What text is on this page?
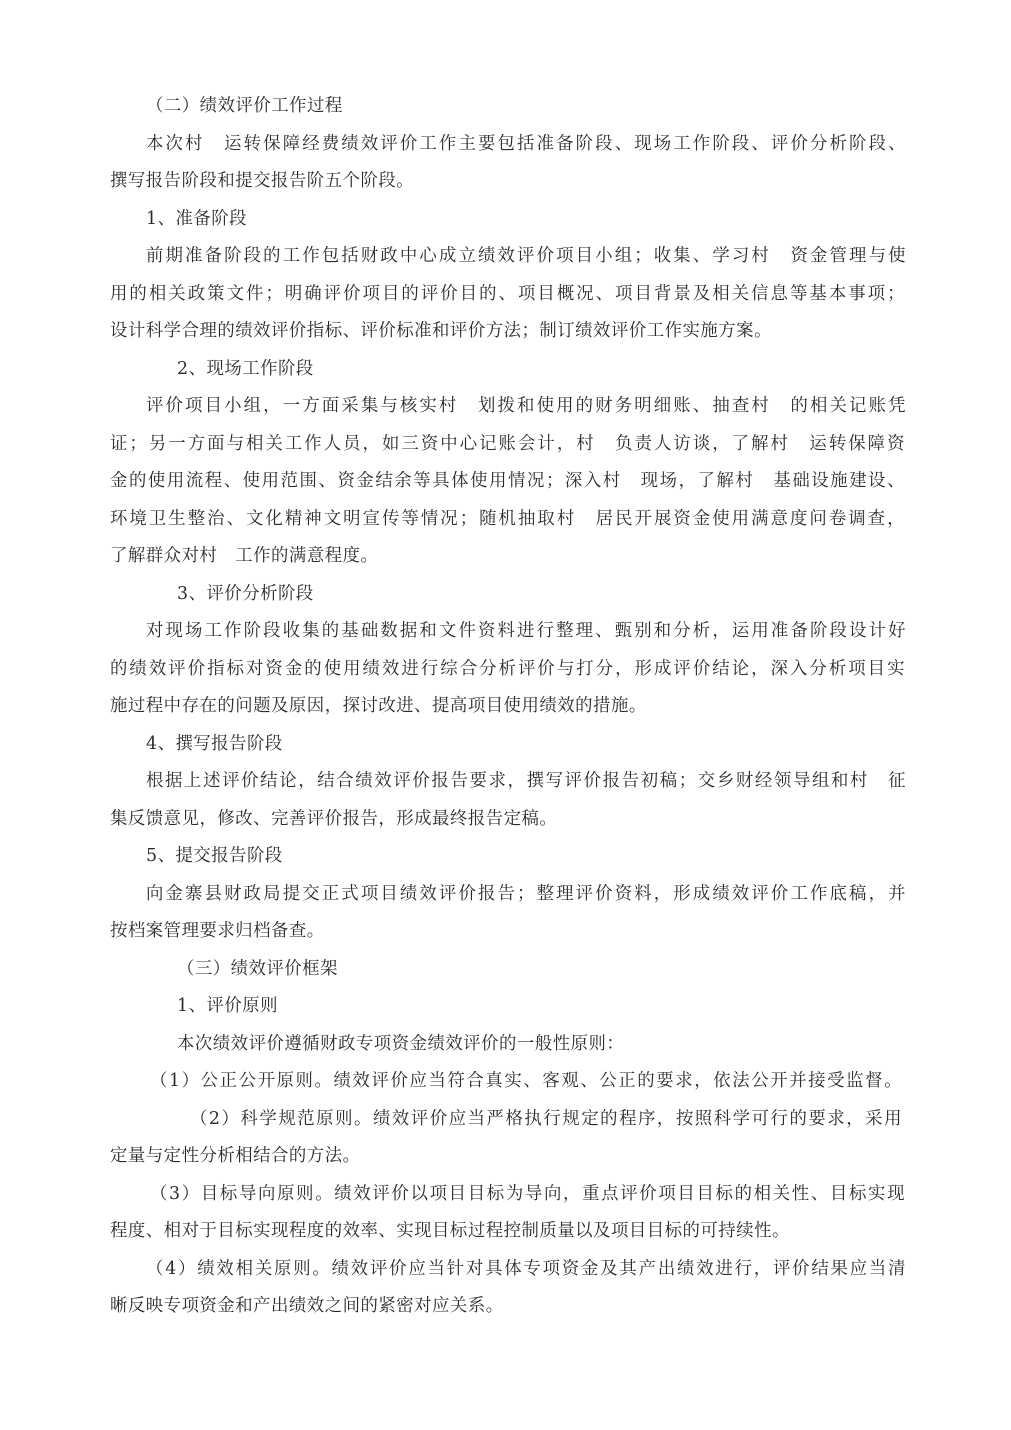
（二）绩效评价工作过程
本次村　运转保障经费绩效评价工作主要包括准备阶段、现场工作阶段、评价分析阶段、
撰写报告阶段和提交报告阶五个阶段。
1、准备阶段
前期准备阶段的工作包括财政中心成立绩效评价项目小组；收集、学习村　资金管理与使
用的相关政策文件；明确评价项目的评价目的、项目概况、项目背景及相关信息等基本事项；
设计科学合理的绩效评价指标、评价标准和评价方法；制订绩效评价工作实施方案。
2、现场工作阶段
评价项目小组，一方面采集与核实村　划拨和使用的财务明细账、抽查村　的相关记账凭
证；另一方面与相关工作人员，如三资中心记账会计，村　负责人访谈，了解村　运转保障资
金的使用流程、使用范围、资金结余等具体使用情况；深入村　现场，了解村　基础设施建设、
环境卫生整治、文化精神文明宣传等情况；随机抽取村　居民开展资金使用满意度问卷调查，
了解群众对村　工作的满意程度。
3、评价分析阶段
对现场工作阶段收集的基础数据和文件资料进行整理、甄别和分析，运用准备阶段设计好
的绩效评价指标对资金的使用绩效进行综合分析评价与打分，形成评价结论，深入分析项目实
施过程中存在的问题及原因，探讨改进、提高项目使用绩效的措施。
4、撰写报告阶段
根据上述评价结论，结合绩效评价报告要求，撰写评价报告初稿；交乡财经领导组和村　征
集反馈意见，修改、完善评价报告，形成最终报告定稿。
5、提交报告阶段
向金寨县财政局提交正式项目绩效评价报告；整理评价资料，形成绩效评价工作底稿，并
按档案管理要求归档备查。
（三）绩效评价框架
1、评价原则
本次绩效评价遵循财政专项资金绩效评价的一般性原则：
（1）公正公开原则。绩效评价应当符合真实、客观、公正的要求，依法公开并接受监督。
（2）科学规范原则。绩效评价应当严格执行规定的程序，按照科学可行的要求，采用
定量与定性分析相结合的方法。
（3）目标导向原则。绩效评价以项目目标为导向，重点评价项目目标的相关性、目标实现
程度、相对于目标实现程度的效率、实现目标过程控制质量以及项目目标的可持续性。
（4）绩效相关原则。绩效评价应当针对具体专项资金及其产出绩效进行，评价结果应当清
晰反映专项资金和产出绩效之间的紧密对应关系。
